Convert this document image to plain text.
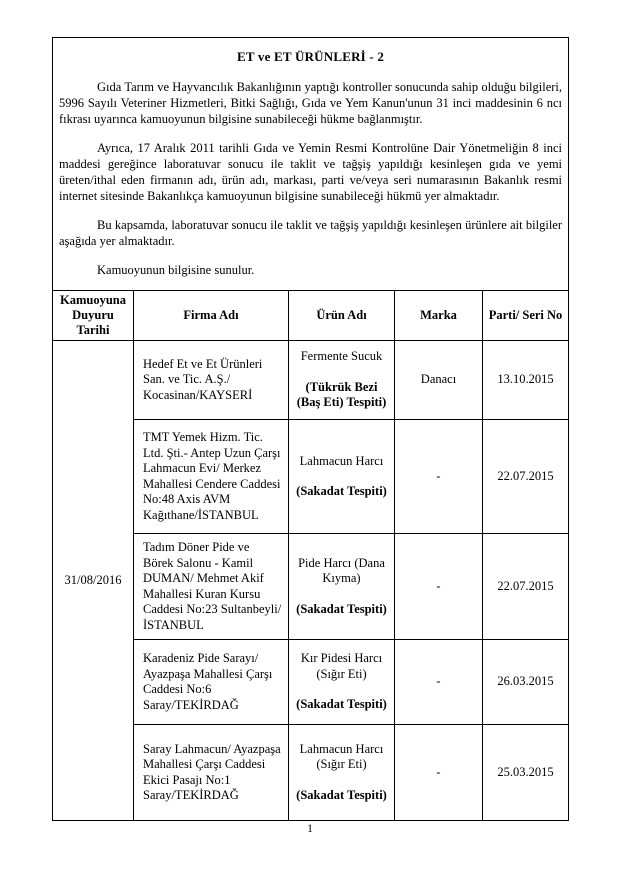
ET ve ET ÜRÜNLERİ - 2

Gıda Tarım ve Hayvancılık Bakanlığının yaptığı kontroller sonucunda sahip olduğu bilgileri, 5996 Sayılı Veteriner Hizmetleri, Bitki Sağlığı, Gıda ve Yem Kanun'unun 31 inci maddesinin 6 ncı fıkrası uyarınca kamuoyunun bilgisine sunabileceği hükme bağlanmıştır.

Ayrıca, 17 Aralık 2011 tarihli Gıda ve Yemin Resmi Kontrolüne Dair Yönetmeliğin 8 inci maddesi gereğince laboratuvar sonucu ile taklit ve tağşiş yapıldığı kesinleşen gıda ve yemi üreten/ithal eden firmanın adı, ürün adı, markası, parti ve/veya seri numarasının Bakanlık resmi internet sitesinde Bakanlıkça kamuoyunun bilgisine sunabileceği hükmü yer almaktadır.

Bu kapsamda, laboratuvar sonucu ile taklit ve tağşiş yapıldığı kesinleşen ürünlere ait bilgiler aşağıda yer almaktadır.

Kamuoyunun bilgisine sunulur.				

Kamuoyuna Duyuru Tarihi	Firma Adı	Ürün Adı	Marka	Parti/ Seri No
31/08/2016	Hedef Et ve Et Ürünleri San. ve Tic. A.Ş./ Kocasinan/KAYSERİ	Fermente Sucuk
(Tükrük Bezi (Baş Eti) Tespiti)	Danacı	13.10.2015
	TMT Yemek Hizm. Tic. Ltd. Şti.- Antep Uzun Çarşı Lahmacun Evi/ Merkez Mahallesi Cendere Caddesi No:48 Axis AVM Kağıthane/İSTANBUL	Lahmacun Harcı
(Sakadat Tespiti)	-	22.07.2015
	Tadım Döner Pide ve Börek Salonu - Kamil DUMAN/ Mehmet Akif Mahallesi Kuran Kursu Caddesi No:23 Sultanbeyli/İSTANBUL	Pide Harcı (Dana Kıyma)
(Sakadat Tespiti)	-	22.07.2015
	Karadeniz Pide Sarayı/ Ayazpaşa Mahallesi Çarşı Caddesi No:6 Saray/TEKİRDAĞ	Kır Pidesi Harcı (Sığır Eti)
(Sakadat Tespiti)	-	26.03.2015
	Saray Lahmacun/ Ayazpaşa Mahallesi Çarşı Caddesi Ekici Pasajı No:1 Saray/TEKİRDAĞ	Lahmacun Harcı (Sığır Eti)
(Sakadat Tespiti)	-	25.03.2015
1
